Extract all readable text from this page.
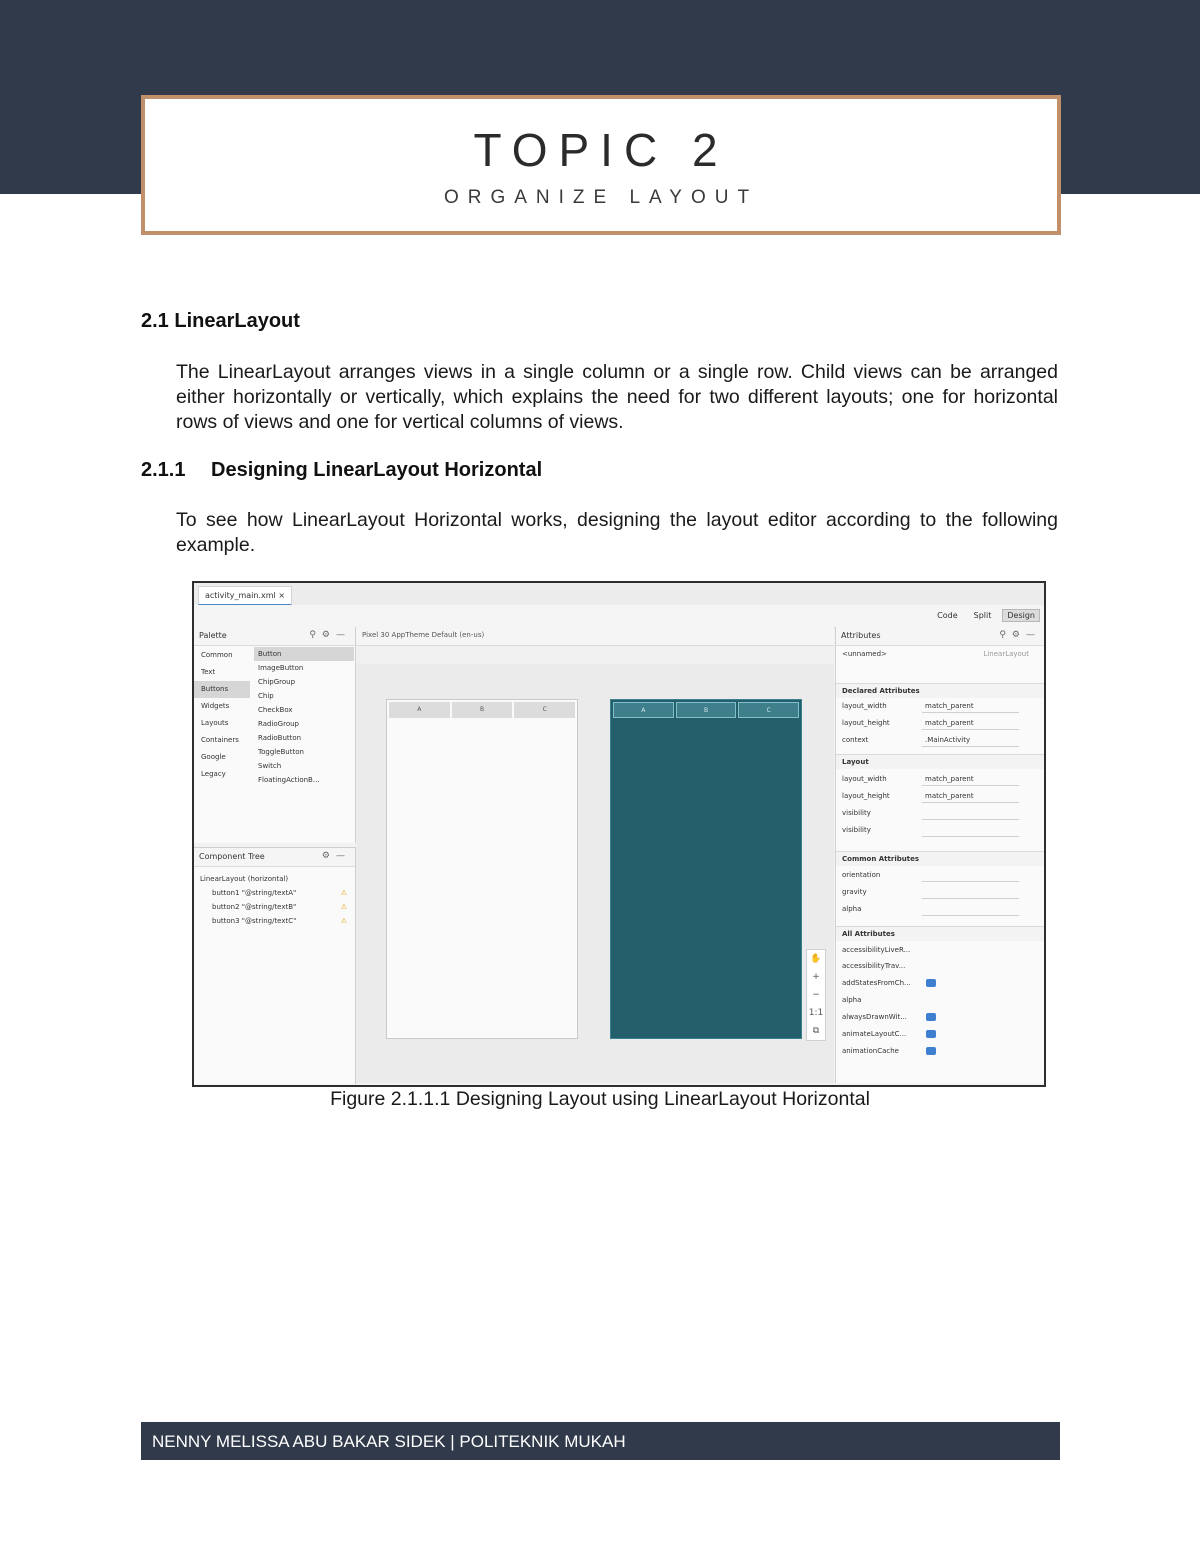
TOPIC 2
ORGANIZE LAYOUT
2.1 LinearLayout
The LinearLayout arranges views in a single column or a single row. Child views can be arranged either horizontally or vertically, which explains the need for two different layouts; one for horizontal rows of views and one for vertical columns of views.
2.1.1 Designing LinearLayout Horizontal
To see how LinearLayout Horizontal works, designing the layout editor according to the following example.
activity_main.xml ×
Code	Split	Design
Palette	⚲⚙—
Common
Text
Buttons
Widgets
Layouts
Containers
Google
Legacy
Button
ImageButton
ChipGroup
Chip
CheckBox
RadioGroup
RadioButton
ToggleButton
Switch
FloatingActionB...
Component Tree	⚙—
LinearLayout (horizontal)
button1 "@string/textA"	⚠
button2 "@string/textB"	⚠
button3 "@string/textC"	⚠
Pixel 30 AppTheme Default (en-us)
A	B	C	A	B	C
✋
+
−
1:1
⧉
Attributes	⚲⚙—
<unnamed>	LinearLayout
Declared Attributes
layout_width	match_parent
layout_height	match_parent
context	.MainActivity
Layout
layout_width	match_parent
layout_height	match_parent
visibility
visibility
Common Attributes
orientation
gravity
alpha
All Attributes
accessibilityLiveR...
accessibilityTrav...
addStatesFromCh...
alpha
alwaysDrawnWit...
animateLayoutC...
animationCache
Figure 2.1.1.1 Designing Layout using LinearLayout Horizontal
NENNY MELISSA ABU BAKAR SIDEK | POLITEKNIK MUKAH
